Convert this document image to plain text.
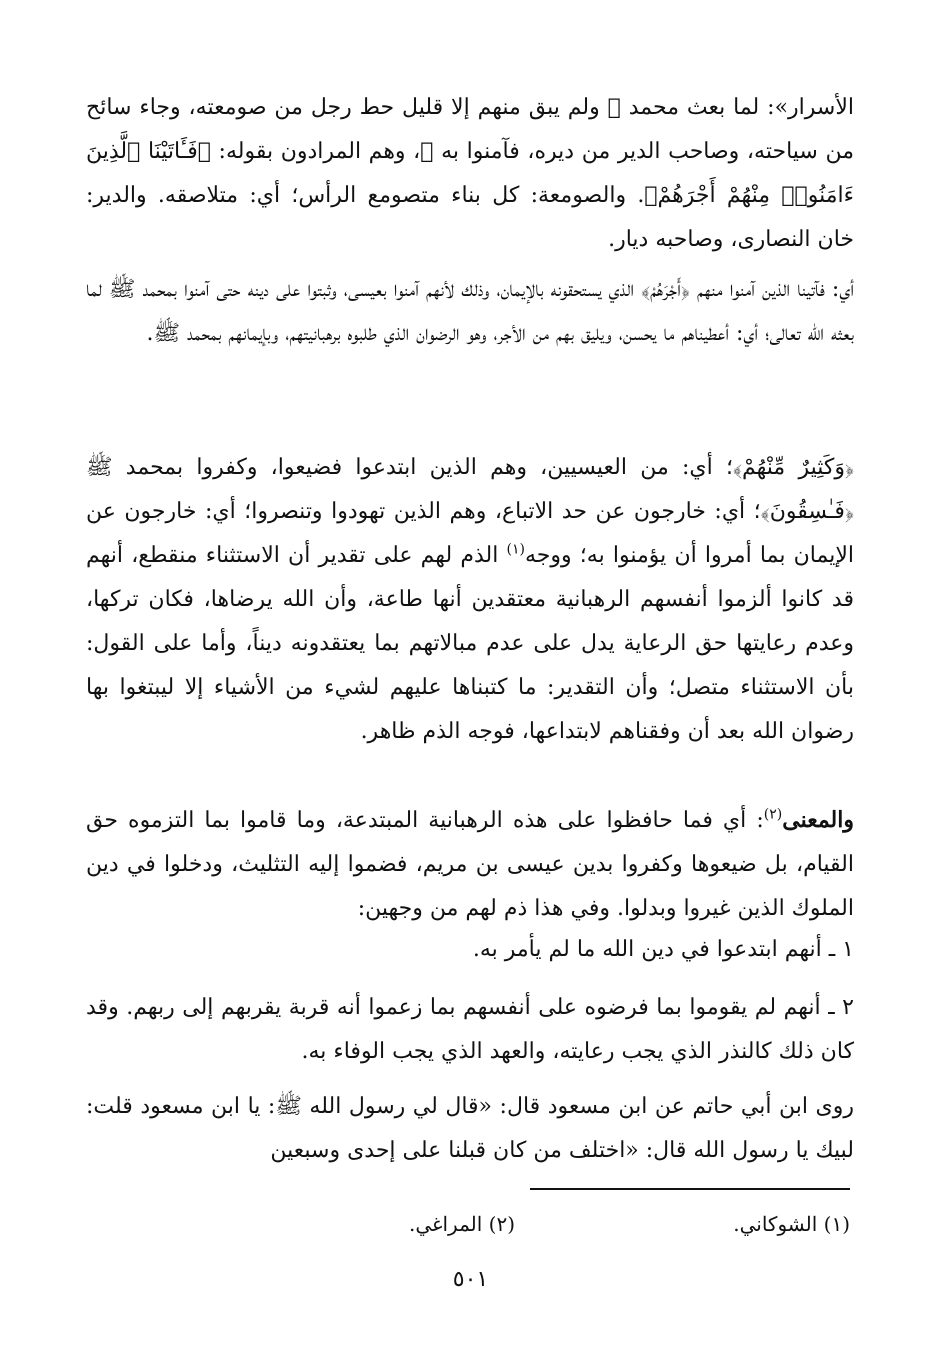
الأسرار»: لما بعث محمد ﷺ ولم يبق منهم إلا قليل حط رجل من صومعته، وجاء سائح من سياحته، وصاحب الدير من ديره، فآمنوا به ﷺ، وهم المرادون بقوله: ﴿فَـَٔاتَيْنَا ٱلَّذِينَ ءَامَنُوا۟ مِنْهُمْ أَجْرَهُمْ﴾. والصومعة: كل بناء متصومع الرأس؛ أي: متلاصقه. والدير: خان النصارى، وصاحبه ديار.

أي: فآتينا الذين آمنوا منهم ﴿أَجْرَهُمْ﴾ الذي يستحقونه بالإيمان، وذلك لأنهم آمنوا بعيسى، وثبتوا على دينه حتى آمنوا بمحمد ﷺ لما بعثه الله تعالى؛ أي: أعطيناهم ما يحسن، ويليق بهم من الأجر، وهو الرضوان الذي طلبوه برهبانيتهم، وبإيمانهم بمحمد ﷺ.

﴿وَكَثِيرٌ مِّنْهُمْ﴾؛ أي: من العيسيين، وهم الذين ابتدعوا فضيعوا، وكفروا بمحمد ﷺ ﴿فَـٰسِقُونَ﴾؛ أي: خارجون عن حد الاتباع، وهم الذين تهودوا وتنصروا؛ أي: خارجون عن الإيمان بما أمروا أن يؤمنوا به؛ ووجه$^{(١)}$ الذم لهم على تقدير أن الاستثناء منقطع، أنهم قد كانوا ألزموا أنفسهم الرهبانية معتقدين أنها طاعة، وأن الله يرضاها، فكان تركها، وعدم رعايتها حق الرعاية يدل على عدم مبالاتهم بما يعتقدونه ديناً، وأما على القول: بأن الاستثناء متصل؛ وأن التقدير: ما كتبناها عليهم لشيء من الأشياء إلا ليبتغوا بها رضوان الله بعد أن وفقناهم لابتداعها، فوجه الذم ظاهر.

والمعنى$^{(٢)}$: أي فما حافظوا على هذه الرهبانية المبتدعة، وما قاموا بما التزموه حق القيام، بل ضيعوها وكفروا بدين عيسى بن مريم، فضموا إليه التثليث، ودخلوا في دين الملوك الذين غيروا وبدلوا. وفي هذا ذم لهم من وجهين:

١ ـ أنهم ابتدعوا في دين الله ما لم يأمر به.

٢ ـ أنهم لم يقوموا بما فرضوه على أنفسهم بما زعموا أنه قربة يقربهم إلى ربهم. وقد كان ذلك كالنذر الذي يجب رعايته، والعهد الذي يجب الوفاء به.

روى ابن أبي حاتم عن ابن مسعود قال: «قال لي رسول الله ﷺ: يا ابن مسعود قلت: لبيك يا رسول الله قال: «اختلف من كان قبلنا على إحدى وسبعين

(١) الشوكاني.
(٢) المراغي.
٥٠١
